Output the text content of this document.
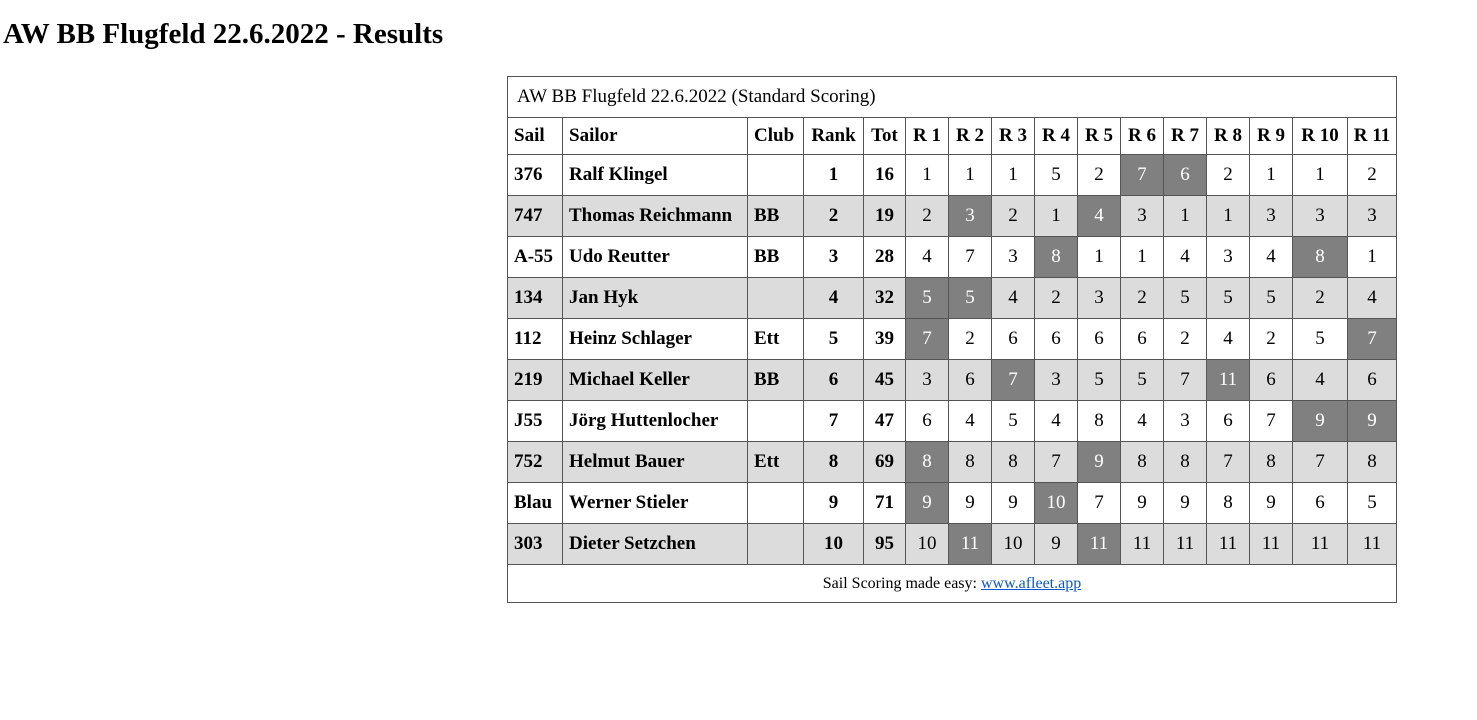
AW BB Flugfeld 22.6.2022 - Results
AW BB Flugfeld 22.6.2022 (Standard Scoring)															
Sail	Sailor	Club	Rank	Tot	R 1	R 2	R 3	R 4	R 5	R 6	R 7	R 8	R 9	R 10	R 11
376	Ralf Klingel		1	16	1	1	1	5	2	7	6	2	1	1	2
747	Thomas Reichmann	BB	2	19	2	3	2	1	4	3	1	1	3	3	3
A-55	Udo Reutter	BB	3	28	4	7	3	8	1	1	4	3	4	8	1
134	Jan Hyk		4	32	5	5	4	2	3	2	5	5	5	2	4
112	Heinz Schlager	Ett	5	39	7	2	6	6	6	6	2	4	2	5	7
219	Michael Keller	BB	6	45	3	6	7	3	5	5	7	11	6	4	6
J55	Jörg Huttenlocher		7	47	6	4	5	4	8	4	3	6	7	9	9
752	Helmut Bauer	Ett	8	69	8	8	8	7	9	8	8	7	8	7	8
Blau	Werner Stieler		9	71	9	9	9	10	7	9	9	8	9	6	5
303	Dieter Setzchen		10	95	10	11	10	9	11	11	11	11	11	11	11
Sail Scoring made easy: www.afleet.app															
